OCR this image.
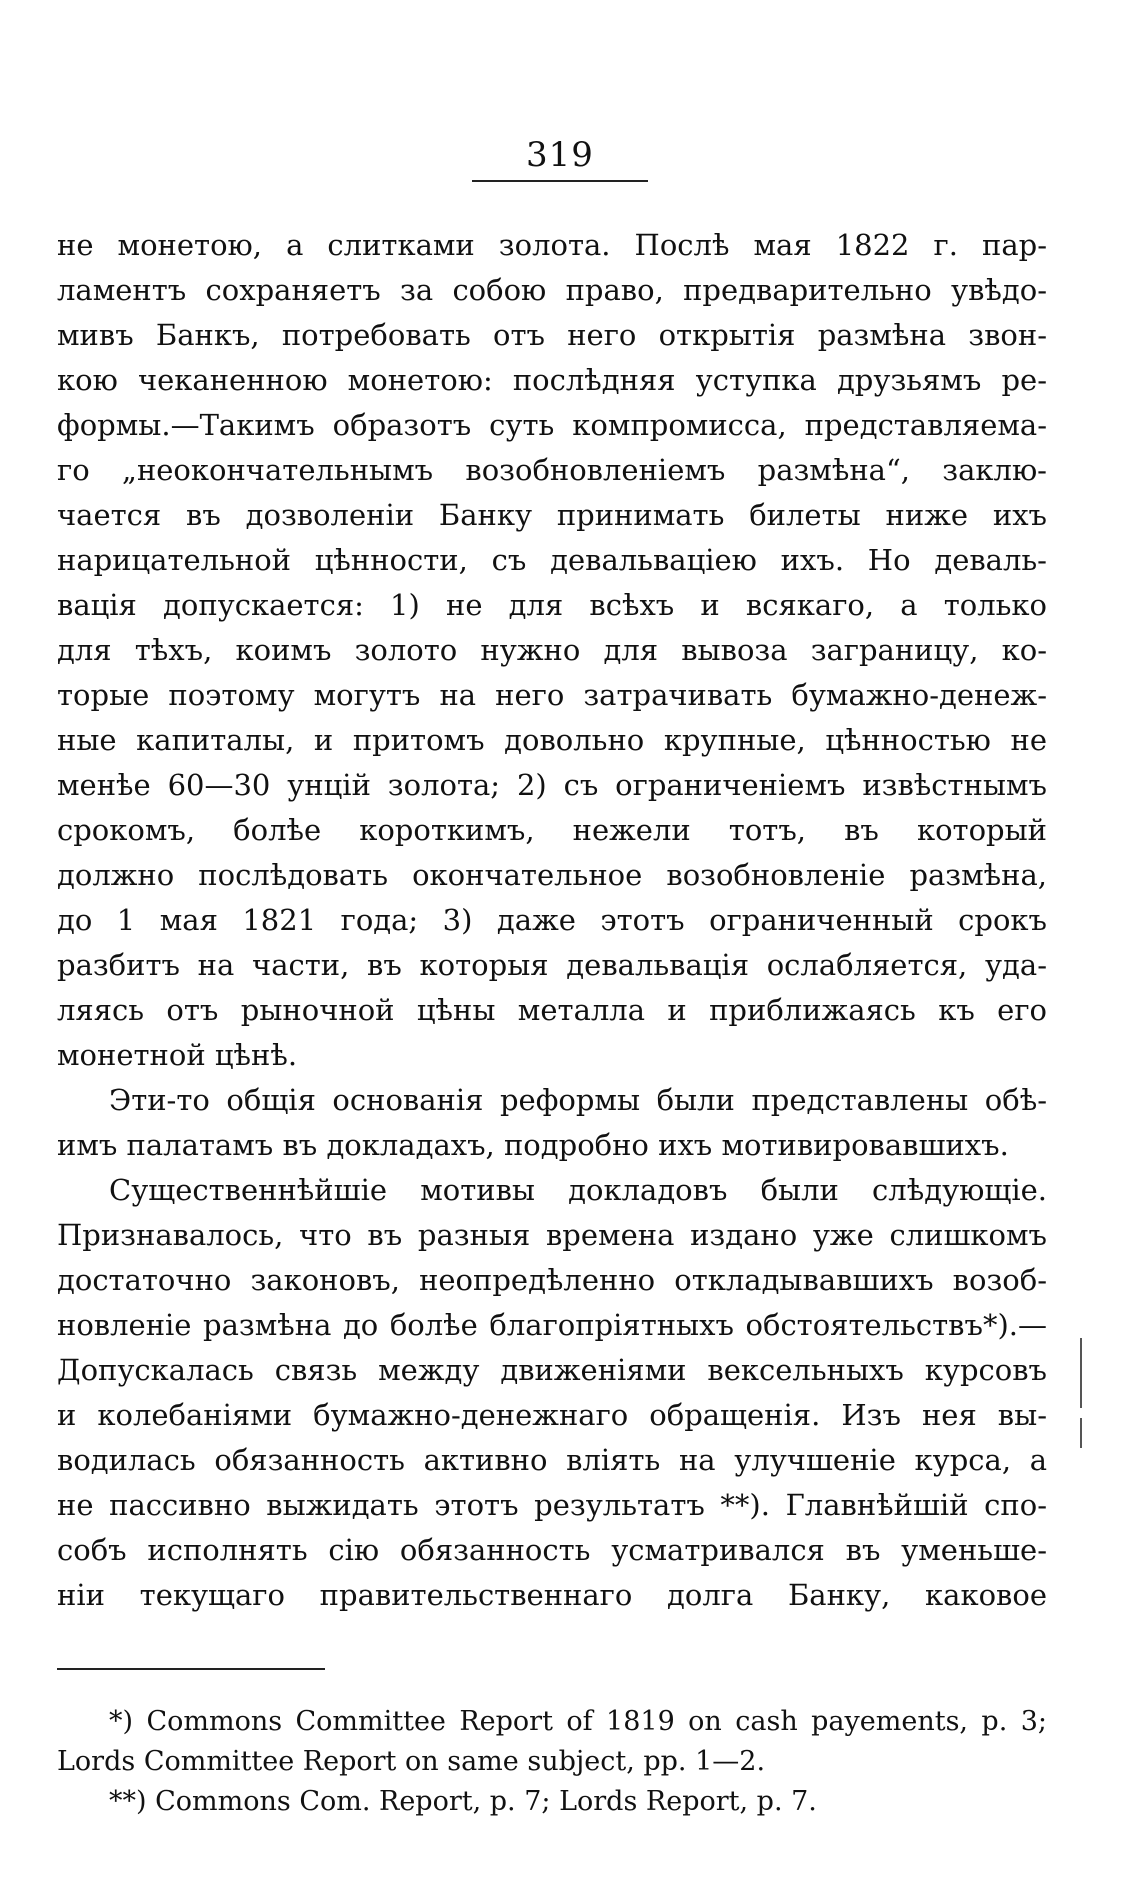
319
не монетою, а слитками золота. Послѣ мая 1822 г. пар-
ламентъ сохраняетъ за собою право, предварительно увѣдо-
мивъ Банкъ, потребовать отъ него открытія размѣна звон-
кою чеканенною монетою: послѣдняя уступка друзьямъ ре-
формы.—Такимъ образотъ суть компромисса, представляема-
го „неокончательнымъ возобновленіемъ размѣна“, заклю-
чается въ дозволеніи Банку принимать билеты ниже ихъ
нарицательной цѣнности, съ девальваціею ихъ. Но деваль-
вація допускается: 1) не для всѣхъ и всякаго, а только
для тѣхъ, коимъ золото нужно для вывоза заграницу, ко-
торые поэтому могутъ на него затрачивать бумажно-денеж-
ные капиталы, и притомъ довольно крупные, цѣнностью не
менѣе 60—30 унцій золота; 2) съ ограниченіемъ извѣстнымъ
срокомъ, болѣе короткимъ, нежели тотъ, въ который
должно послѣдовать окончательное возобновленіе размѣна,
до 1 мая 1821 года; 3) даже этотъ ограниченный срокъ
разбитъ на части, въ которыя девальвація ослабляется, уда-
ляясь отъ рыночной цѣны металла и приближаясь къ его
монетной цѣнѣ.
Эти-то общія основанія реформы были представлены обѣ-
имъ палатамъ въ докладахъ, подробно ихъ мотивировавшихъ.
Существеннѣйшіе мотивы докладовъ были слѣдующіе.
Признавалось, что въ разныя времена издано уже слишкомъ
достаточно законовъ, неопредѣленно откладывавшихъ возоб-
новленіе размѣна до болѣе благопріятныхъ обстоятельствъ*).—
Допускалась связь между движеніями вексельныхъ курсовъ
и колебаніями бумажно-денежнаго обращенія. Изъ нея вы-
водилась обязанность активно вліять на улучшеніе курса, а
не пассивно выжидать этотъ результатъ **). Главнѣйшій спо-
собъ исполнять сію обязанность усматривался въ уменьше-
ніи текущаго правительственнаго долга Банку, каковое
*) Commons Committee Report of 1819 on cash payements, p. 3;
Lords Committee Report on same subject, pp. 1—2.
**) Commons Com. Report, p. 7; Lords Report, p. 7.
